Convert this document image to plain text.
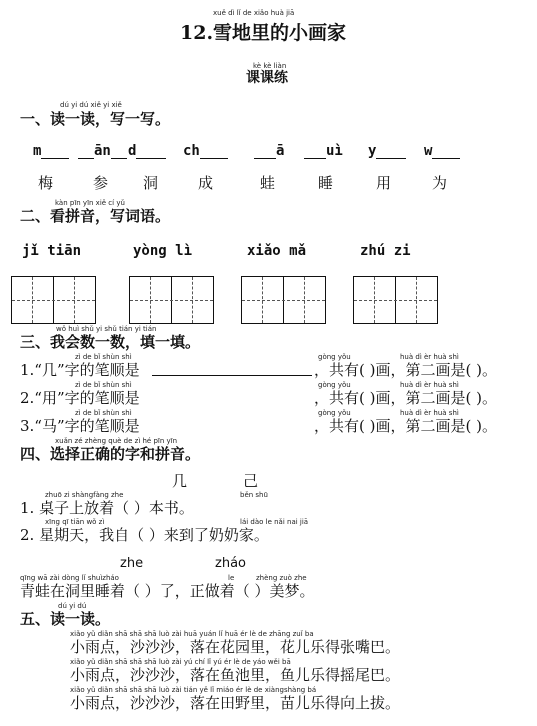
xuě dì lǐ de xiǎo huà jiā
12.雪地里的小画家
kè kè liàn
课课练
dú yi dú xiě yi xiě
一、读一读，写一写。
m	ān	d	ch	ā	uì y	w
梅	参 洞	成	蛙	睡	用	为
kàn pīn yīn xiě cí yǔ
二、看拼音，写词语。
jǐ tiān	yòng lì	xiǎo mǎ	zhú zi
wǒ huì shǔ yi shǔ tián yi tián
三、我会数一数，填一填。
zì de bǐ shùn shì
1.“几”字的笔顺是
gòng yǒu	huà dì èr huà shì
，共有( )画，第二画是( )。
zì de bǐ shùn shì
2.“用”字的笔顺是
gòng yǒu	huà dì èr huà shì
，共有( )画，第二画是( )。
zì de bǐ shùn shì
3.“马”字的笔顺是
gòng yǒu	huà dì èr huà shì
，共有( )画，第二画是( )。
xuǎn zé zhèng què de zì hé pīn yīn
四、选择正确的字和拼音。
几	己
zhuō zi shàngfàng zhe	běn shū
1. 桌子上放着（ ）本书。
xīng qī tiān wǒ zì	lái dào le nǎi nai jiā
2. 星期天，我自（ ）来到了奶奶家。
zhe	zháo
qīng wā zài dòng lǐ shuìzháo	le	zhèng zuò zhe
青蛙在洞里睡着（ ）了，正做着（ ）美梦。
dú yi dú
五、读一读。
xiǎo yǔ diǎn shā shā shā luò zài huā yuán lǐ huā ér lè de zhāng zuǐ ba
小雨点，沙沙沙，落在花园里，花儿乐得张嘴巴。
xiǎo yǔ diǎn shā shā shā luò zài yú chí lǐ yú ér lè de yáo wěi bā
小雨点，沙沙沙，落在鱼池里，鱼儿乐得摇尾巴。
xiǎo yǔ diǎn shā shā shā luò zài tián yě lǐ miáo ér lè de xiàngshàng bá
小雨点，沙沙沙，落在田野里，苗儿乐得向上拔。
